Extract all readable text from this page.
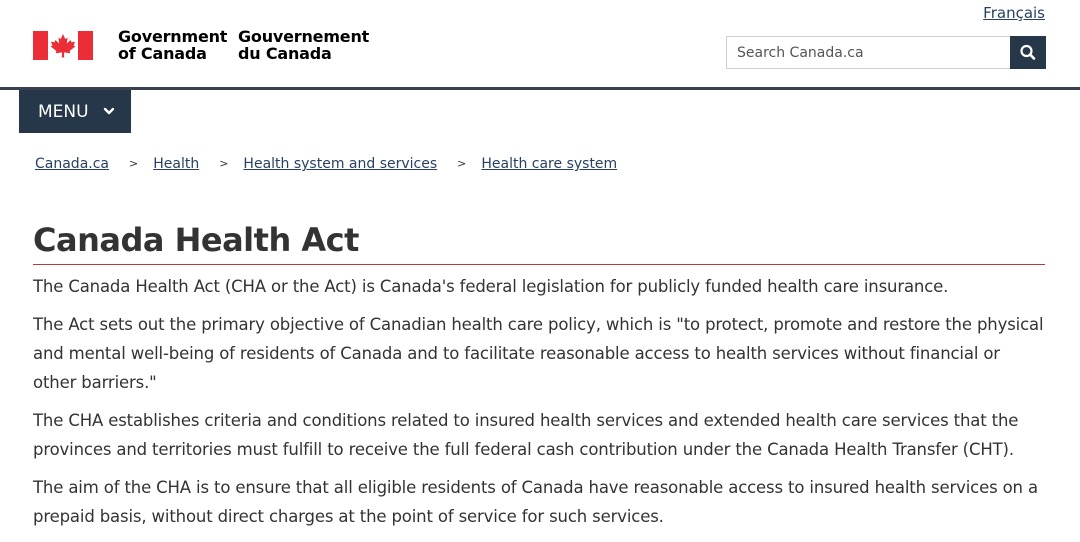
Français
Government
of Canada
Gouvernement
du Canada
Search Canada.ca
MENU
Canada.ca > Health > Health system and services > Health care system
Canada Health Act

The Canada Health Act (CHA or the Act) is Canada's federal legislation for publicly funded health care insurance.

The Act sets out the primary objective of Canadian health care policy, which is "to protect, promote and restore the physical and mental well-being of residents of Canada and to facilitate reasonable access to health services without financial or other barriers."

The CHA establishes criteria and conditions related to insured health services and extended health care services that the provinces and territories must fulfill to receive the full federal cash contribution under the Canada Health Transfer (CHT).

The aim of the CHA is to ensure that all eligible residents of Canada have reasonable access to insured health services on a prepaid basis, without direct charges at the point of service for such services.
